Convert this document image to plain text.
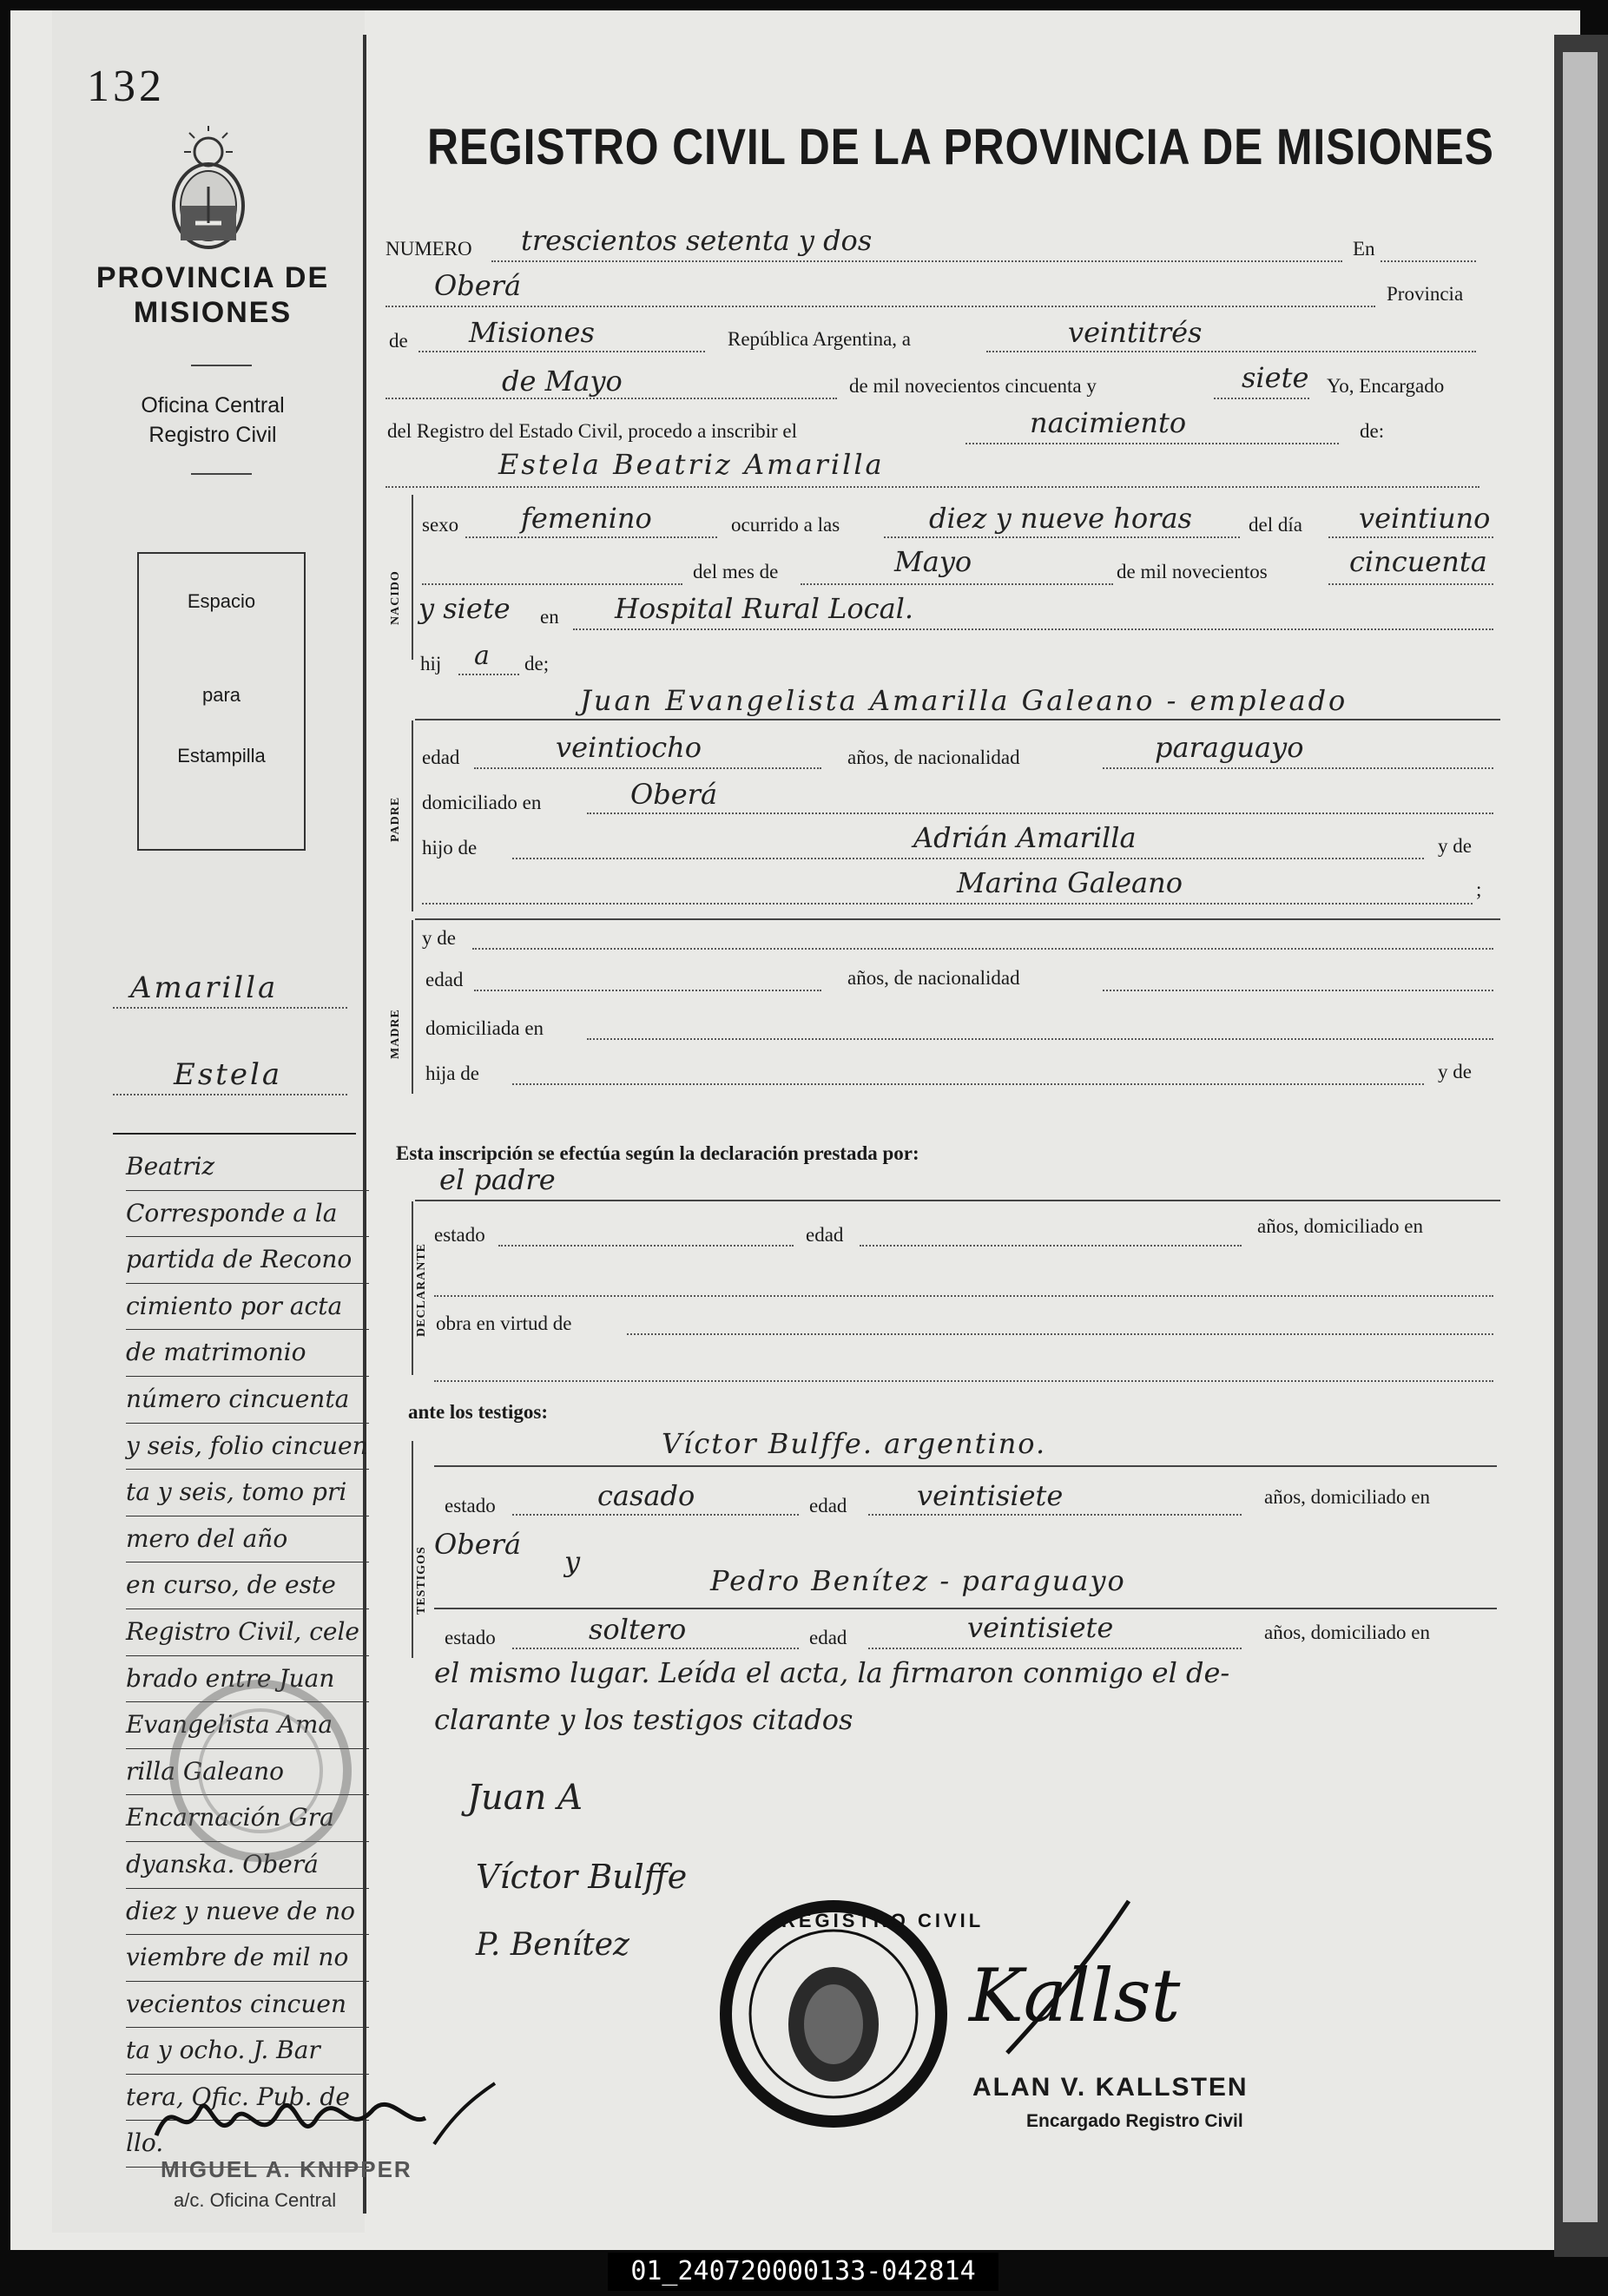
132
PROVINCIA DE
MISIONES
Oficina Central
Registro Civil
Espacio
para
Estampilla
Amarilla
Estela
Beatriz
Corresponde a la
partida de Recono
cimiento por acta
de matrimonio
número cincuenta
y seis, folio cincuen
ta y seis, tomo pri
mero del año
en curso, de este
Registro Civil, cele
brado entre Juan
Evangelista Ama
rilla Galeano
Encarnación Gra
dyanska. Oberá
diez y nueve de no
viembre de mil no
vecientos cincuen
ta y ocho. J. Bar
tera, Ofic. Pub. de
llo.
MIGUEL A. KNIPPER
a/c. Oficina Central
REGISTRO CIVIL DE LA PROVINCIA DE MISIONES
NUMERO trescientos setenta y dos	En
Oberá	Provincia
de Misiones	República Argentina, a	veintitrés
de Mayo	de mil novecientos cincuenta y	siete Yo, Encargado
del Registro del Estado Civil, procedo a inscribir el	nacimiento	de:
Estela Beatriz Amarilla
NACIDO
sexo femenino	ocurrido a las	diez y nueve horas	del día veintiuno
del mes de	Mayo	de mil novecientos	cincuenta
y siete en Hospital Rural Local.
hij a de;
PADRE
Juan Evangelista Amarilla Galeano - empleado
edad	veintiocho	años, de nacionalidad	paraguayo
domiciliado en	Oberá
hijo de	Adrián Amarilla	y de
Marina Galeano	;
MADRE
y de
edad	años, de nacionalidad
domiciliada en
hija de	y de
Esta inscripción se efectúa según la declaración prestada por:
el padre
DECLARANTE
estado	edad	años, domiciliado en
obra en virtud de
ante los testigos:
Víctor Bulffe. argentino.
TESTIGOS
estado	casado	edad	veintisiete	años, domiciliado en
Oberá
y
Pedro Benítez - paraguayo
estado	soltero	edad	veintisiete	años, domiciliado en
el mismo lugar. Leída el acta, la firmaron conmigo el de-
clarante y los testigos citados
Juan A
Víctor Bulffe
P. Benítez
REGISTRO CIVIL
Kallst
ALAN V. KALLSTEN
Encargado Registro Civil
01_240720000133-042814
